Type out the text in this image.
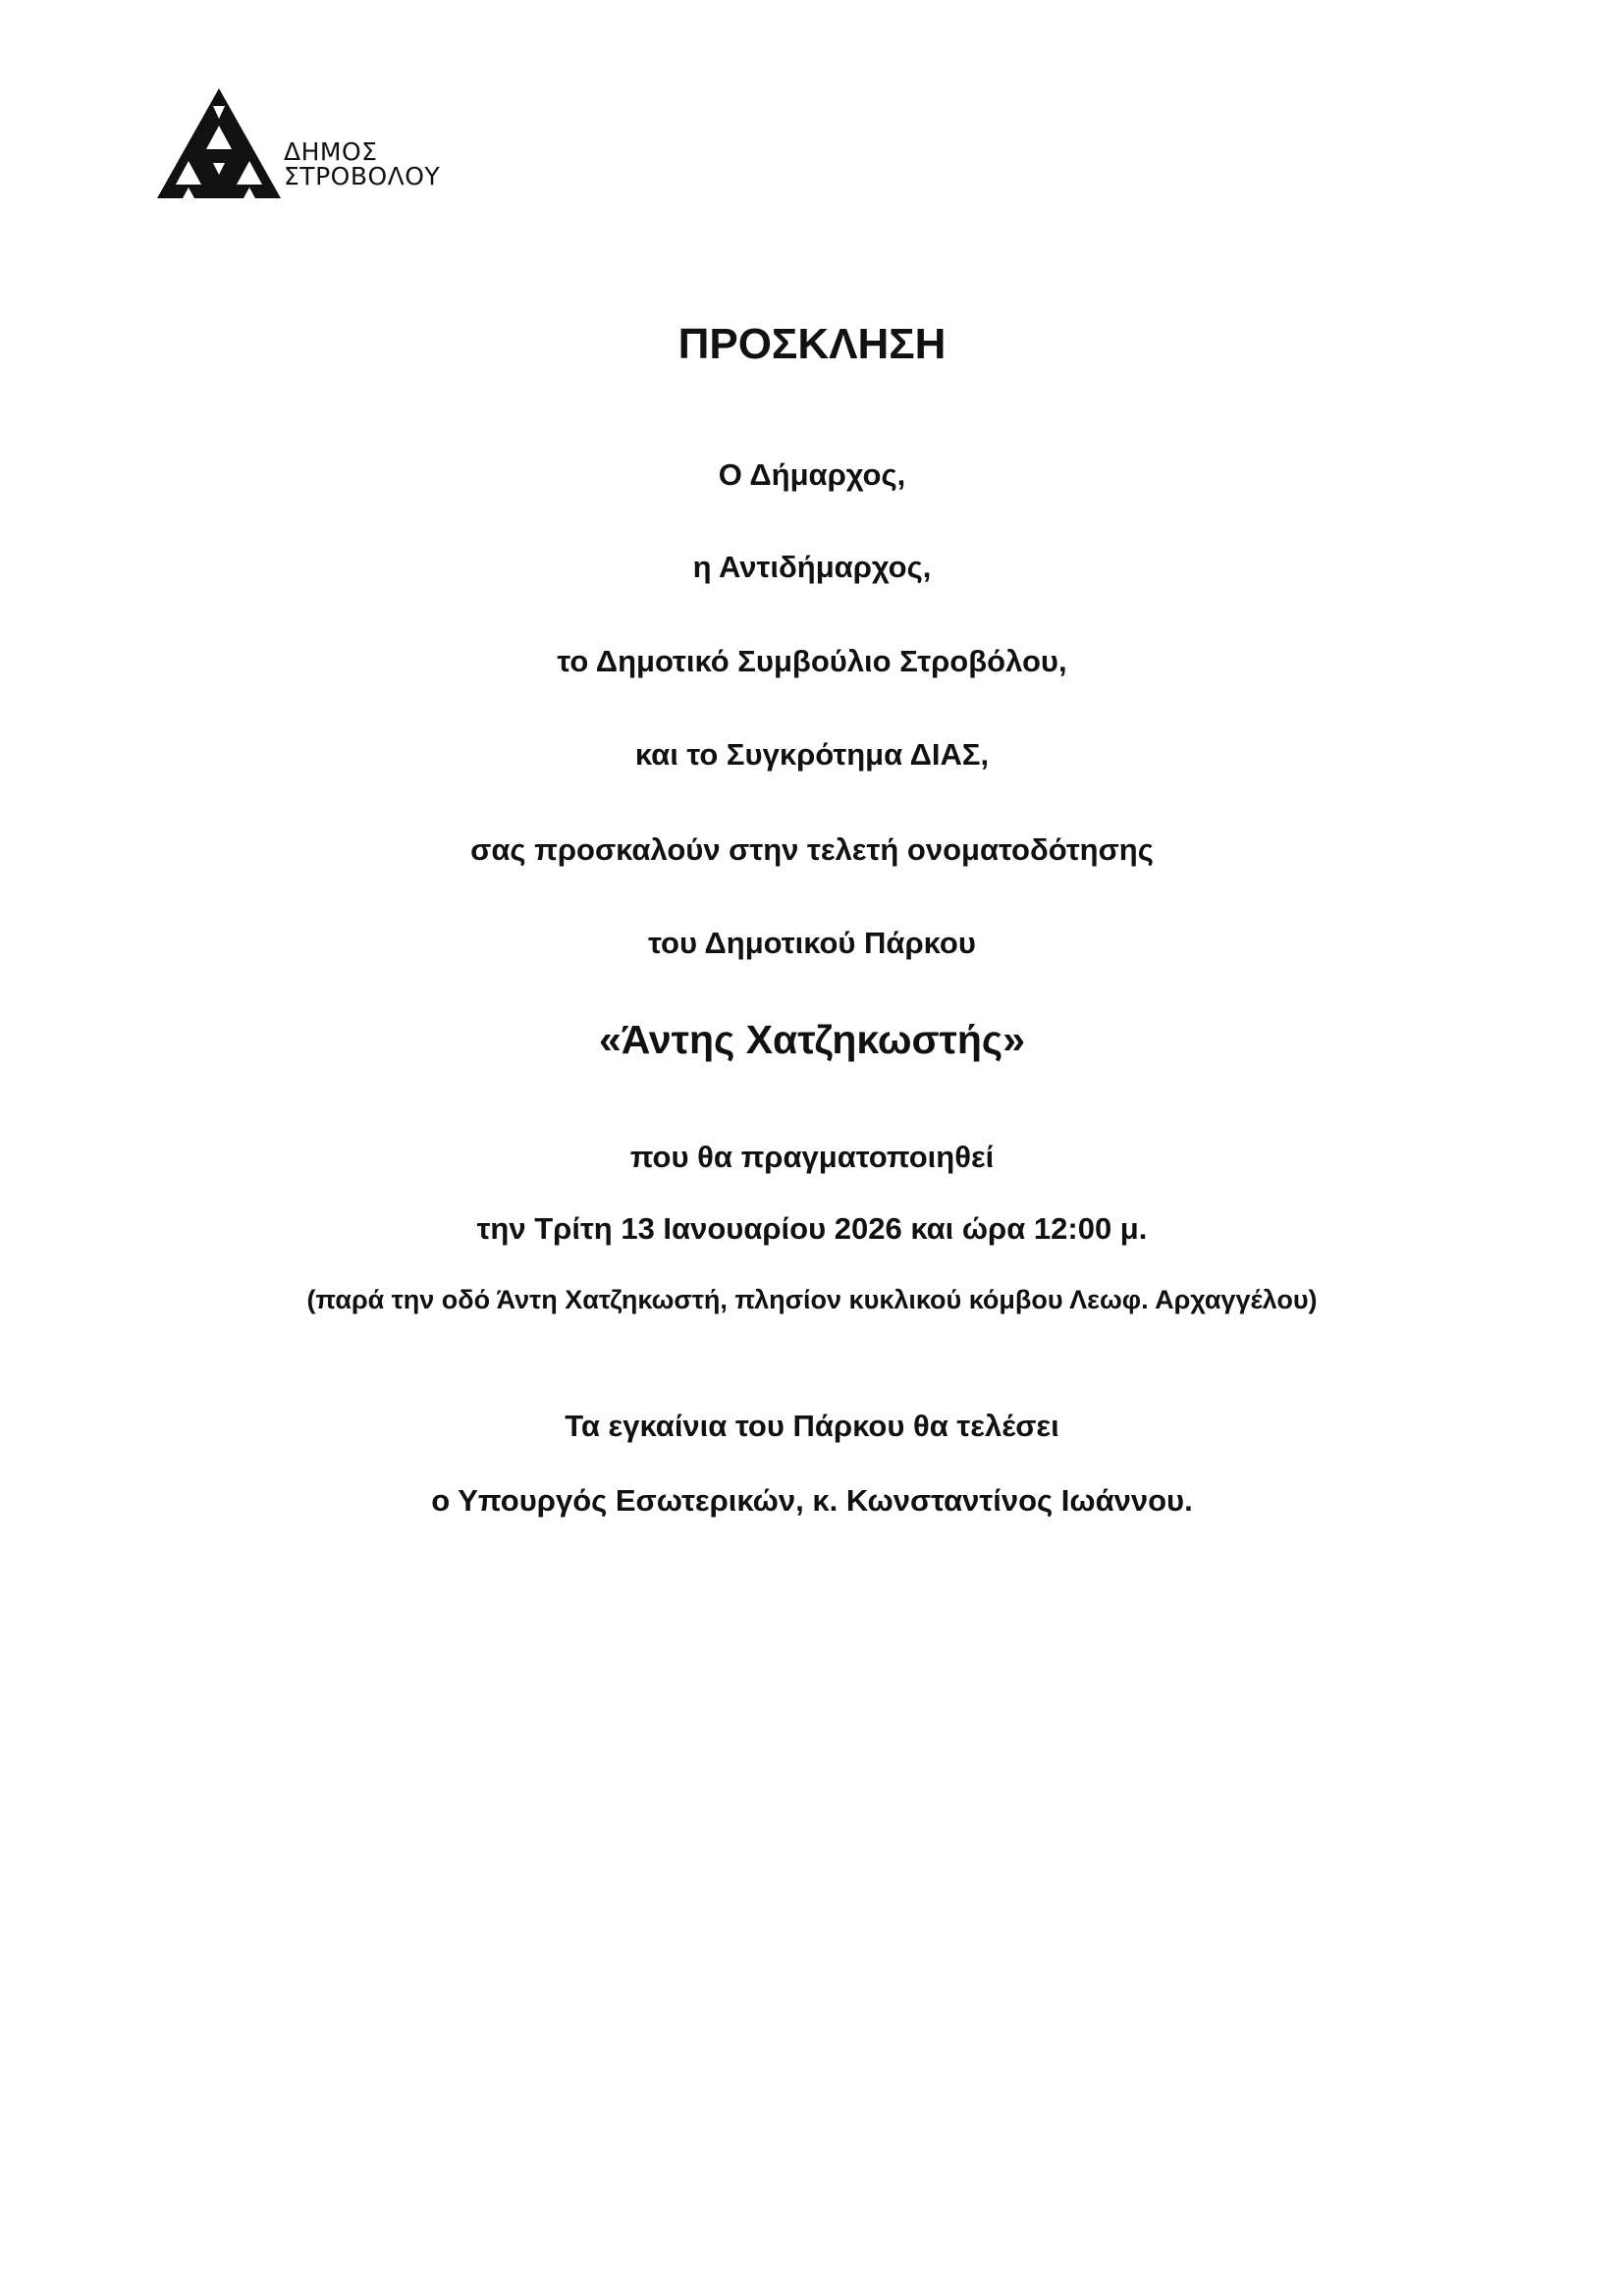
ΔΗΜΟΣ
ΣΤΡΟΒΟΛΟΥ
ΠΡΟΣΚΛΗΣΗ
Ο Δήμαρχος,
η Αντιδήμαρχος,
το Δημοτικό Συμβούλιο Στροβόλου,
και το Συγκρότημα ΔΙΑΣ,
σας προσκαλούν στην τελετή ονοματοδότησης
του Δημοτικού Πάρκου
«Άντης Χατζηκωστής»
που θα πραγματοποιηθεί
την Τρίτη 13 Ιανουαρίου 2026 και ώρα 12:00 μ.
(παρά την οδό Άντη Χατζηκωστή, πλησίον κυκλικού κόμβου Λεωφ. Αρχαγγέλου)
Τα εγκαίνια του Πάρκου θα τελέσει
ο Υπουργός Εσωτερικών, κ. Κωνσταντίνος Ιωάννου.
